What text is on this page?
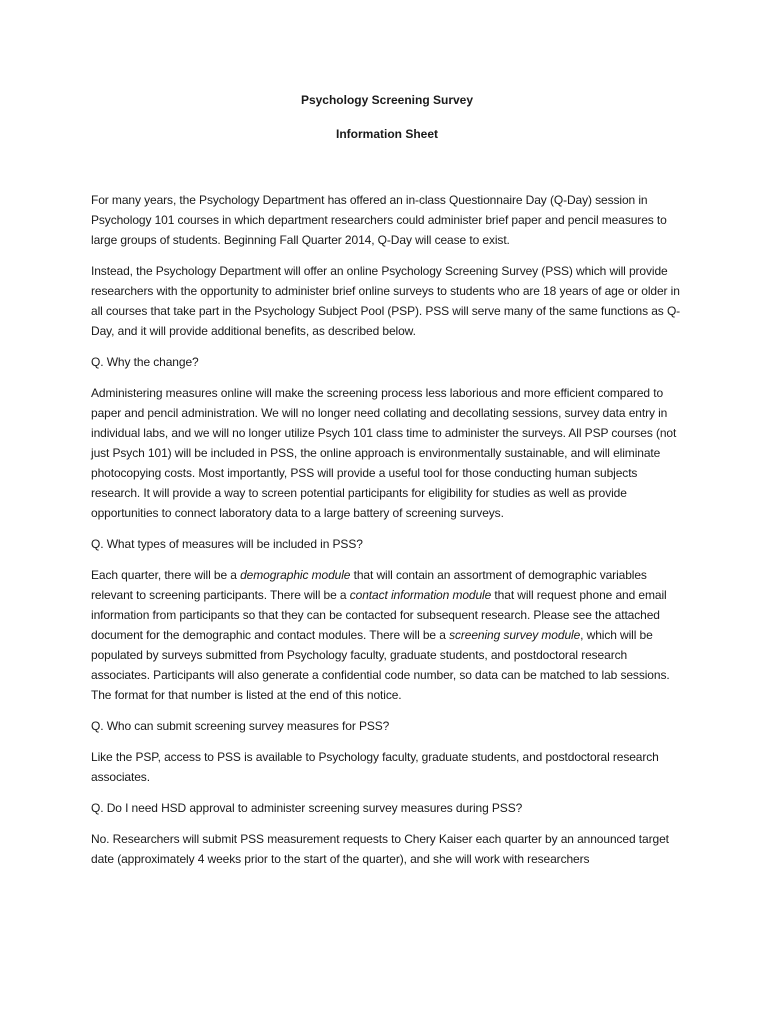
Psychology Screening Survey
Information Sheet

For many years, the Psychology Department has offered an in-class Questionnaire Day (Q-Day) session in Psychology 101 courses in which department researchers could administer brief paper and pencil measures to large groups of students. Beginning Fall Quarter 2014, Q-Day will cease to exist.

Instead, the Psychology Department will offer an online Psychology Screening Survey (PSS) which will provide researchers with the opportunity to administer brief online surveys to students who are 18 years of age or older in all courses that take part in the Psychology Subject Pool (PSP). PSS will serve many of the same functions as Q-Day, and it will provide additional benefits, as described below.

Q. Why the change?

Administering measures online will make the screening process less laborious and more efficient compared to paper and pencil administration. We will no longer need collating and decollating sessions, survey data entry in individual labs, and we will no longer utilize Psych 101 class time to administer the surveys. All PSP courses (not just Psych 101) will be included in PSS, the online approach is environmentally sustainable, and will eliminate photocopying costs. Most importantly, PSS will provide a useful tool for those conducting human subjects research. It will provide a way to screen potential participants for eligibility for studies as well as provide opportunities to connect laboratory data to a large battery of screening surveys.

Q. What types of measures will be included in PSS?

Each quarter, there will be a demographic module that will contain an assortment of demographic variables relevant to screening participants. There will be a contact information module that will request phone and email information from participants so that they can be contacted for subsequent research. Please see the attached document for the demographic and contact modules. There will be a screening survey module, which will be populated by surveys submitted from Psychology faculty, graduate students, and postdoctoral research associates. Participants will also generate a confidential code number, so data can be matched to lab sessions. The format for that number is listed at the end of this notice.

Q. Who can submit screening survey measures for PSS?

Like the PSP, access to PSS is available to Psychology faculty, graduate students, and postdoctoral research associates.

Q. Do I need HSD approval to administer screening survey measures during PSS?

No. Researchers will submit PSS measurement requests to Chery Kaiser each quarter by an announced target date (approximately 4 weeks prior to the start of the quarter), and she will work with researchers
